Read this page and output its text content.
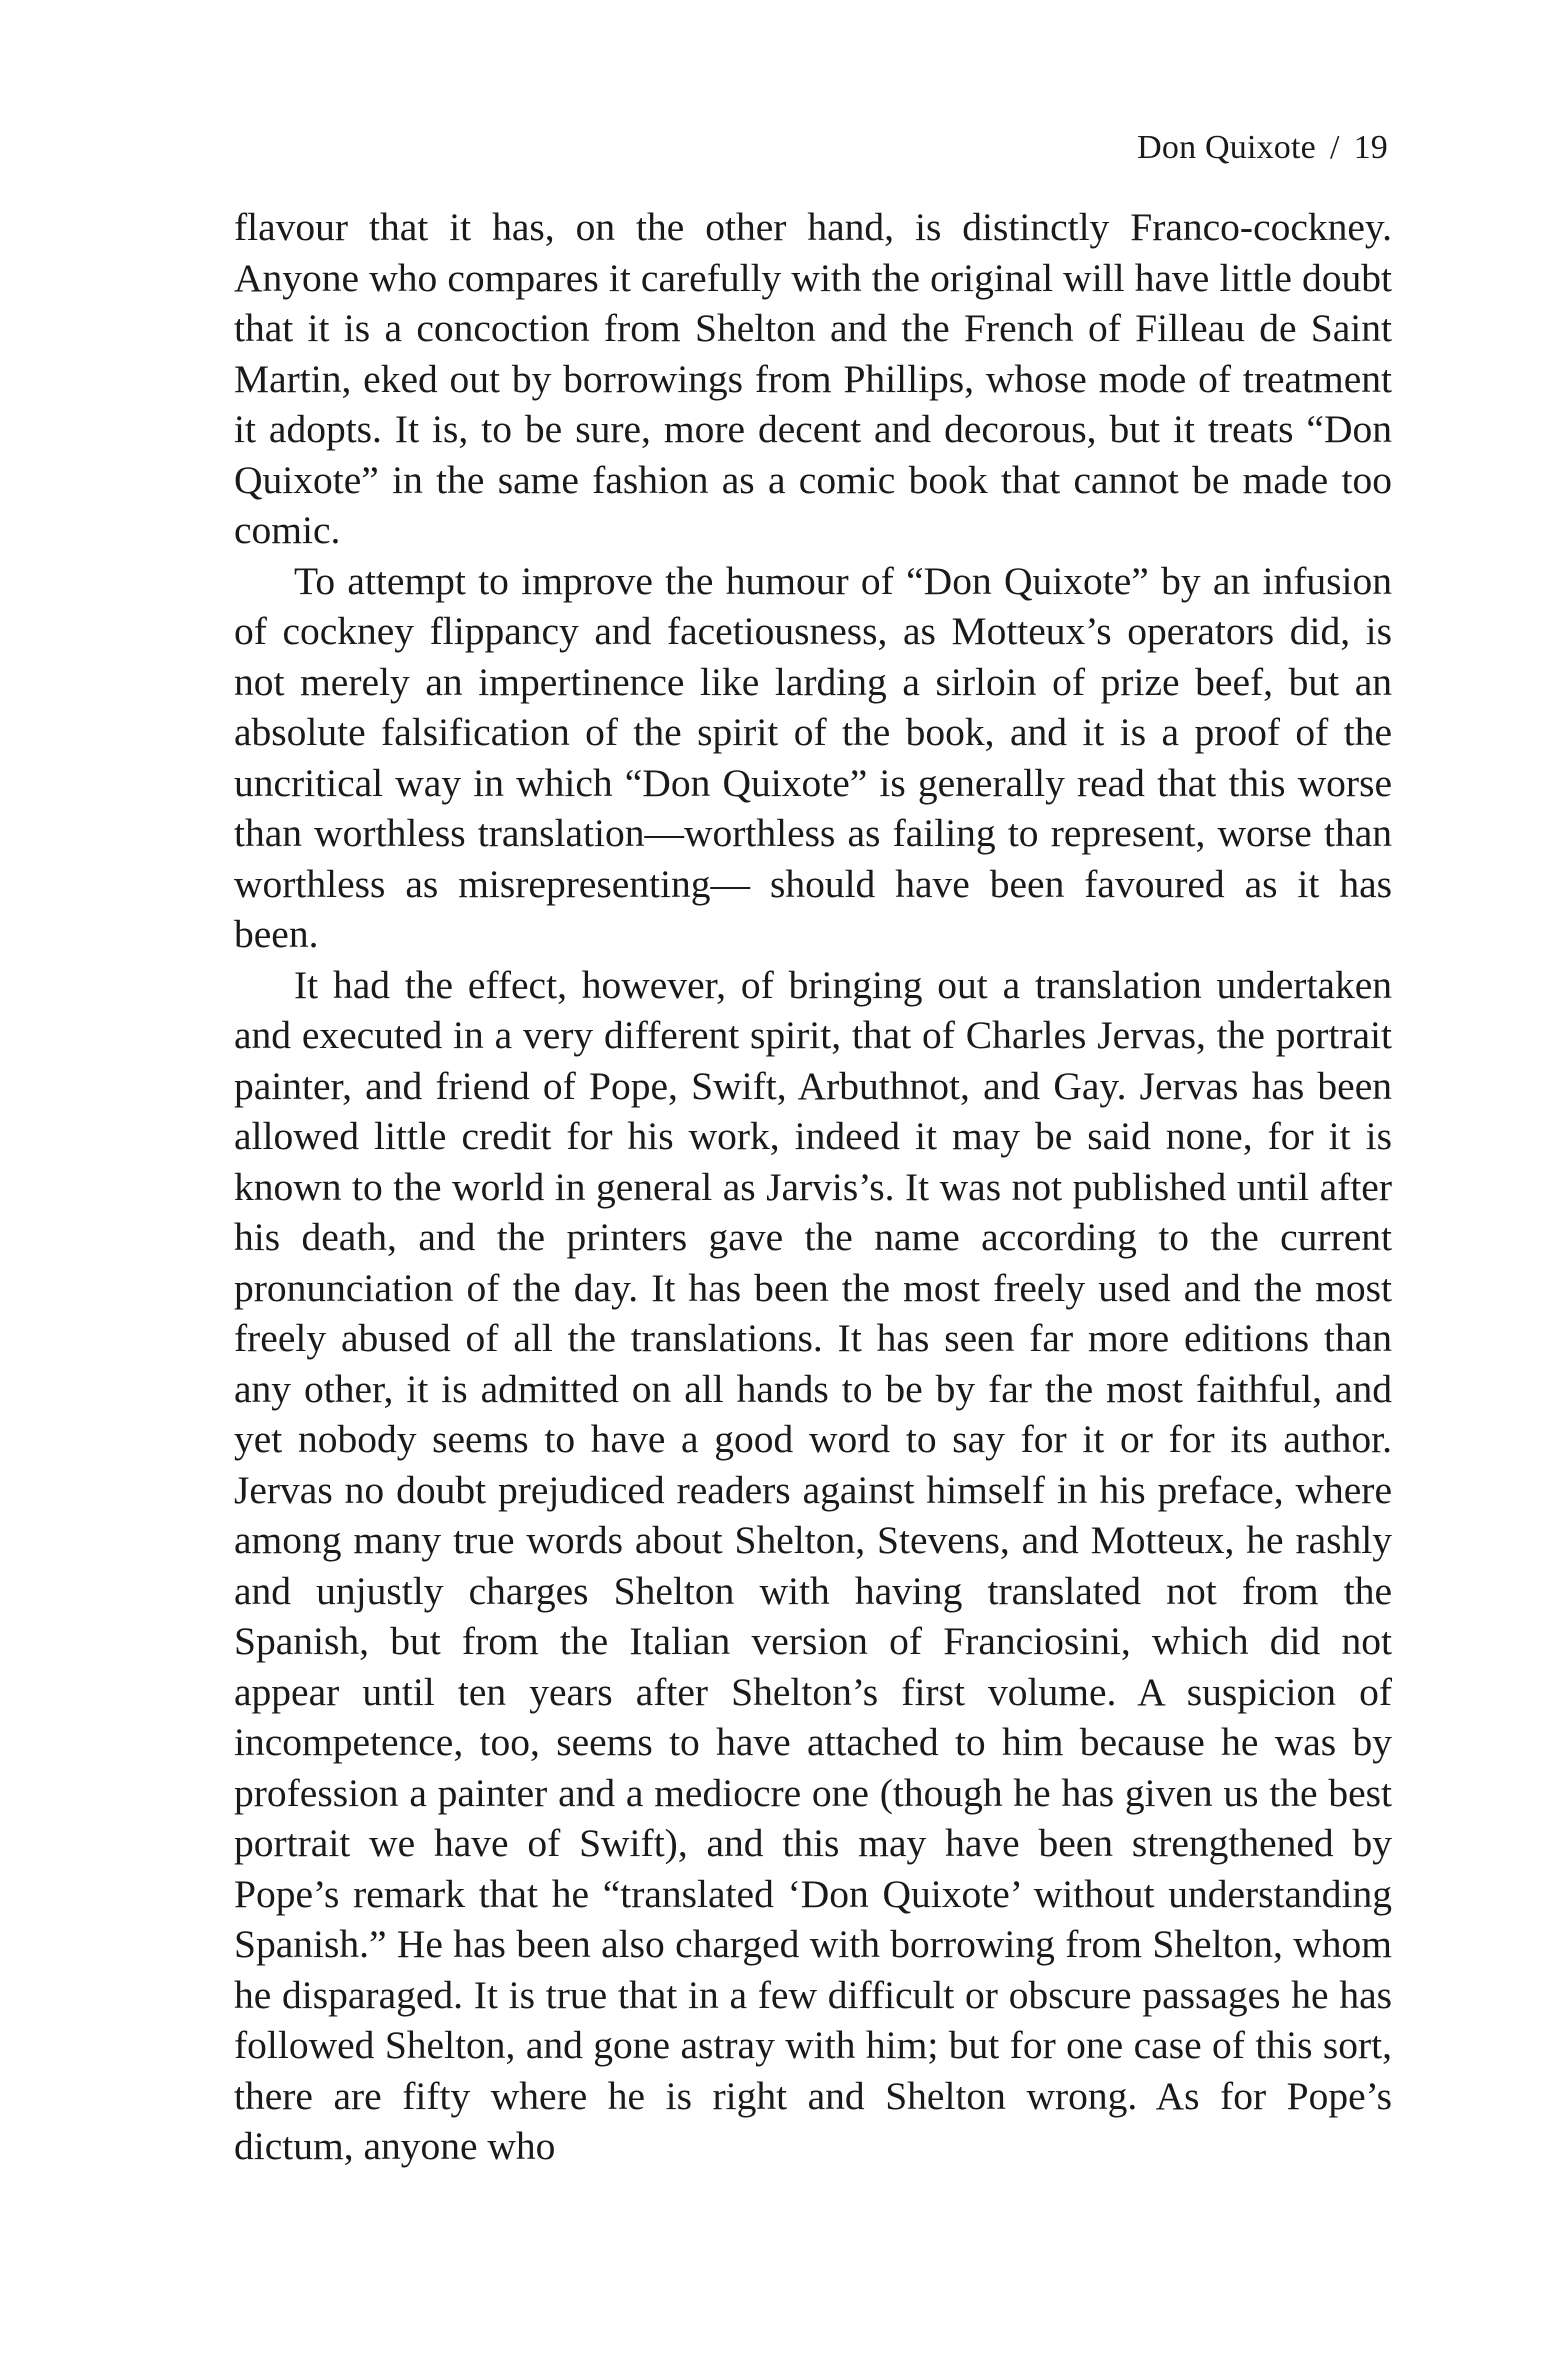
Don Quixote / 19

flavour that it has, on the other hand, is distinctly Franco-cockney. Anyone who compares it carefully with the original will have little doubt that it is a concoction from Shelton and the French of Filleau de Saint Martin, eked out by borrowings from Phillips, whose mode of treatment it adopts. It is, to be sure, more decent and decorous, but it treats “Don Quixote” in the same fashion as a comic book that cannot be made too comic.

To attempt to improve the humour of “Don Quixote” by an infusion of cockney flippancy and facetiousness, as Motteux’s operators did, is not merely an impertinence like larding a sirloin of prize beef, but an absolute falsification of the spirit of the book, and it is a proof of the uncritical way in which “Don Quixote” is generally read that this worse than worthless translation—worthless as failing to represent, worse than worthless as misrepresenting— should have been favoured as it has been.

It had the effect, however, of bringing out a translation undertaken and executed in a very different spirit, that of Charles Jervas, the portrait painter, and friend of Pope, Swift, Arbuthnot, and Gay. Jervas has been allowed little credit for his work, indeed it may be said none, for it is known to the world in general as Jarvis’s. It was not published until after his death, and the printers gave the name according to the current pronunciation of the day. It has been the most freely used and the most freely abused of all the translations. It has seen far more editions than any other, it is admitted on all hands to be by far the most faithful, and yet nobody seems to have a good word to say for it or for its author. Jervas no doubt prejudiced readers against himself in his preface, where among many true words about Shelton, Stevens, and Motteux, he rashly and unjustly charges Shelton with having translated not from the Spanish, but from the Italian version of Franciosini, which did not appear until ten years after Shelton’s first volume. A suspicion of incompetence, too, seems to have attached to him because he was by profession a painter and a mediocre one (though he has given us the best portrait we have of Swift), and this may have been strengthened by Pope’s remark that he “translated ‘Don Quixote’ without understanding Spanish.” He has been also charged with borrowing from Shelton, whom he disparaged. It is true that in a few difficult or obscure passages he has followed Shelton, and gone astray with him; but for one case of this sort, there are fifty where he is right and Shelton wrong. As for Pope’s dictum, anyone who
